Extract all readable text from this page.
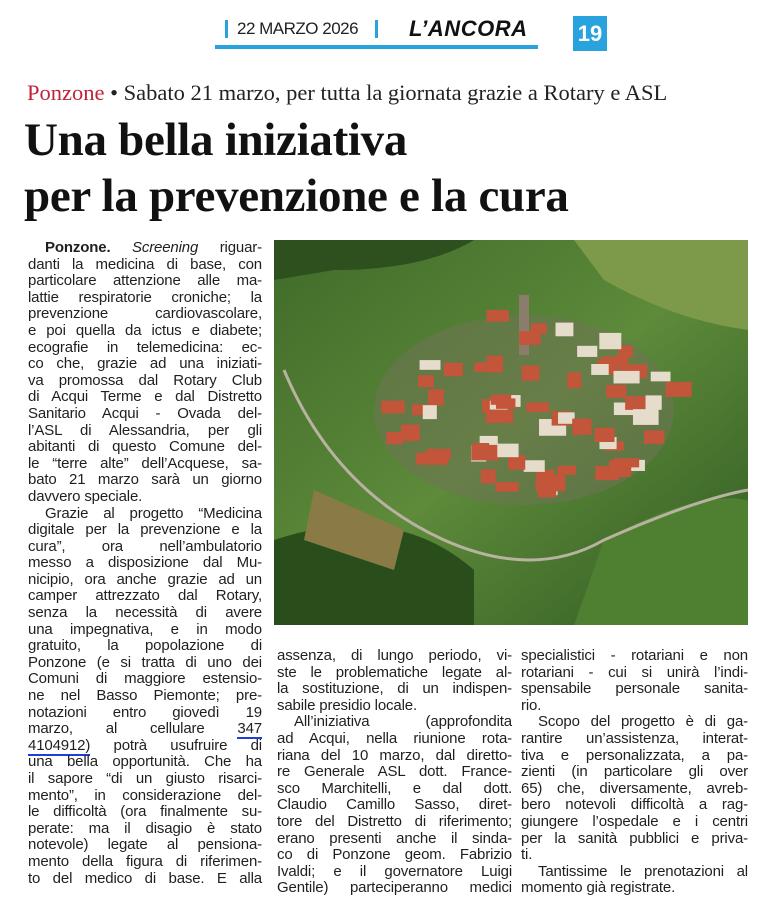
22 MARZO 2026 L’ANCORA 19
Ponzone • Sabato 21 marzo, per tutta la giornata grazie a Rotary e ASL
Una bella iniziativa
per la prevenzione e la cura
Ponzone. Screening riguar-
danti la medicina di base, con
particolare attenzione alle ma-
lattie respiratorie croniche; la
prevenzione cardiovascolare,
e poi quella da ictus e diabete;
ecografie in telemedicina: ec-
co che, grazie ad una iniziati-
va promossa dal Rotary Club
di Acqui Terme e dal Distretto
Sanitario Acqui - Ovada del-
l’ASL di Alessandria, per gli
abitanti di questo Comune del-
le “terre alte” dell’Acquese, sa-
bato 21 marzo sarà un giorno
davvero speciale.
Grazie al progetto “Medicina
digitale per la prevenzione e la
cura”, ora nell’ambulatorio
messo a disposizione dal Mu-
nicipio, ora anche grazie ad un
camper attrezzato dal Rotary,
senza la necessità di avere
una impegnativa, e in modo
gratuito, la popolazione di
Ponzone (e si tratta di uno dei
Comuni di maggiore estensio-
ne nel Basso Piemonte; pre-
notazioni entro giovedì 19
marzo, al cellulare 347
4104912) potrà usufruire di
una bella opportunità. Che ha
il sapore “di un giusto risarci-
mento”, in considerazione del-
le difficoltà (ora finalmente su-
perate: ma il disagio è stato
notevole) legate al pensiona-
mento della figura di riferimen-
to del medico di base. E alla
assenza, di lungo periodo, vi-
ste le problematiche legate al-
la sostituzione, di un indispen-
sabile presidio locale.
All’iniziativa (approfondita
ad Acqui, nella riunione rota-
riana del 10 marzo, dal diretto-
re Generale ASL dott. France-
sco Marchitelli, e dal dott.
Claudio Camillo Sasso, diret-
tore del Distretto di riferimento;
erano presenti anche il sinda-
co di Ponzone geom. Fabrizio
Ivaldi; e il governatore Luigi
Gentile) parteciperanno medici
specialistici - rotariani e non
rotariani - cui si unirà l’indi-
spensabile personale sanita-
rio.
Scopo del progetto è di ga-
rantire un’assistenza, interat-
tiva e personalizzata, a pa-
zienti (in particolare gli over
65) che, diversamente, avreb-
bero notevoli difficoltà a rag-
giungere l’ospedale e i centri
per la sanità pubblici e priva-
ti.
Tantissime le prenotazioni al
momento già registrate.
